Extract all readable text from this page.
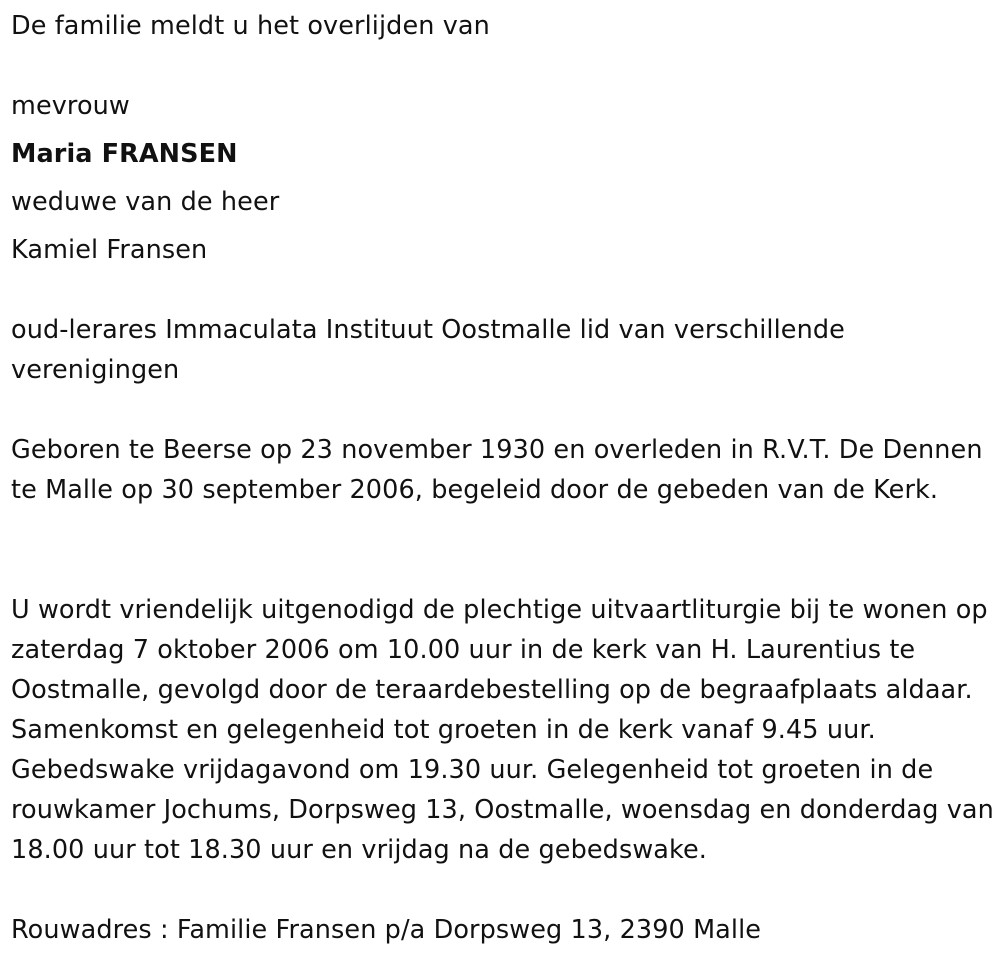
De familie meldt u het overlijden van

mevrouw

Maria FRANSEN

weduwe van de heer

Kamiel Fransen

oud-lerares Immaculata Instituut Oostmalle lid van verschillende verenigingen

Geboren te Beerse op 23 november 1930 en overleden in R.V.T. De Dennen te Malle op 30 september 2006, begeleid door de gebeden van de Kerk.

U wordt vriendelijk uitgenodigd de plechtige uitvaartliturgie bij te wonen op zaterdag 7 oktober 2006 om 10.00 uur in de kerk van H. Laurentius te Oostmalle, gevolgd door de teraardebestelling op de begraafplaats aldaar. Samenkomst en gelegenheid tot groeten in de kerk vanaf 9.45 uur. Gebedswake vrijdagavond om 19.30 uur. Gelegenheid tot groeten in de rouwkamer Jochums, Dorpsweg 13, Oostmalle, woensdag en donderdag van 18.00 uur tot 18.30 uur en vrijdag na de gebedswake.

Rouwadres : Familie Fransen p/a Dorpsweg 13, 2390 Malle
